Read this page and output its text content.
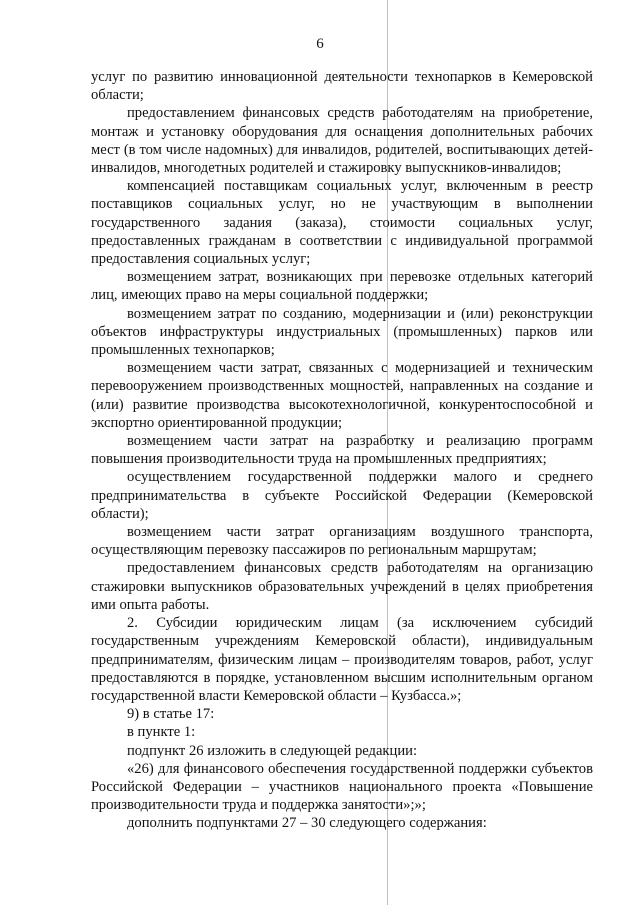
6

услуг по развитию инновационной деятельности технопарков в Кемеровской области;

предоставлением финансовых средств работодателям на приобретение, монтаж и установку оборудования для оснащения дополнительных рабочих мест (в том числе надомных) для инвалидов, родителей, воспитывающих детей-инвалидов, многодетных родителей и стажировку выпускников-инвалидов;

компенсацией поставщикам социальных услуг, включенным в реестр поставщиков социальных услуг, но не участвующим в выполнении государственного задания (заказа), стоимости социальных услуг, предоставленных гражданам в соответствии с индивидуальной программой предоставления социальных услуг;

возмещением затрат, возникающих при перевозке отдельных категорий лиц, имеющих право на меры социальной поддержки;

возмещением затрат по созданию, модернизации и (или) реконструкции объектов инфраструктуры индустриальных (промышленных) парков или промышленных технопарков;

возмещением части затрат, связанных с модернизацией и техническим перевооружением производственных мощностей, направленных на создание и (или) развитие производства высокотехнологичной, конкурентоспособной и экспортно ориентированной продукции;

возмещением части затрат на разработку и реализацию программ повышения производительности труда на промышленных предприятиях;

осуществлением государственной поддержки малого и среднего предпринимательства в субъекте Российской Федерации (Кемеровской области);

возмещением части затрат организациям воздушного транспорта, осуществляющим перевозку пассажиров по региональным маршрутам;

предоставлением финансовых средств работодателям на организацию стажировки выпускников образовательных учреждений в целях приобретения ими опыта работы.

2. Субсидии юридическим лицам (за исключением субсидий государственным учреждениям Кемеровской области), индивидуальным предпринимателям, физическим лицам – производителям товаров, работ, услуг предоставляются в порядке, установленном высшим исполнительным органом государственной власти Кемеровской области – Кузбасса.»;

9) в статье 17:

в пункте 1:

подпункт 26 изложить в следующей редакции:

«26) для финансового обеспечения государственной поддержки субъектов Российской Федерации – участников национального проекта «Повышение производительности труда и поддержка занятости»;»;

дополнить подпунктами 27 – 30 следующего содержания:
